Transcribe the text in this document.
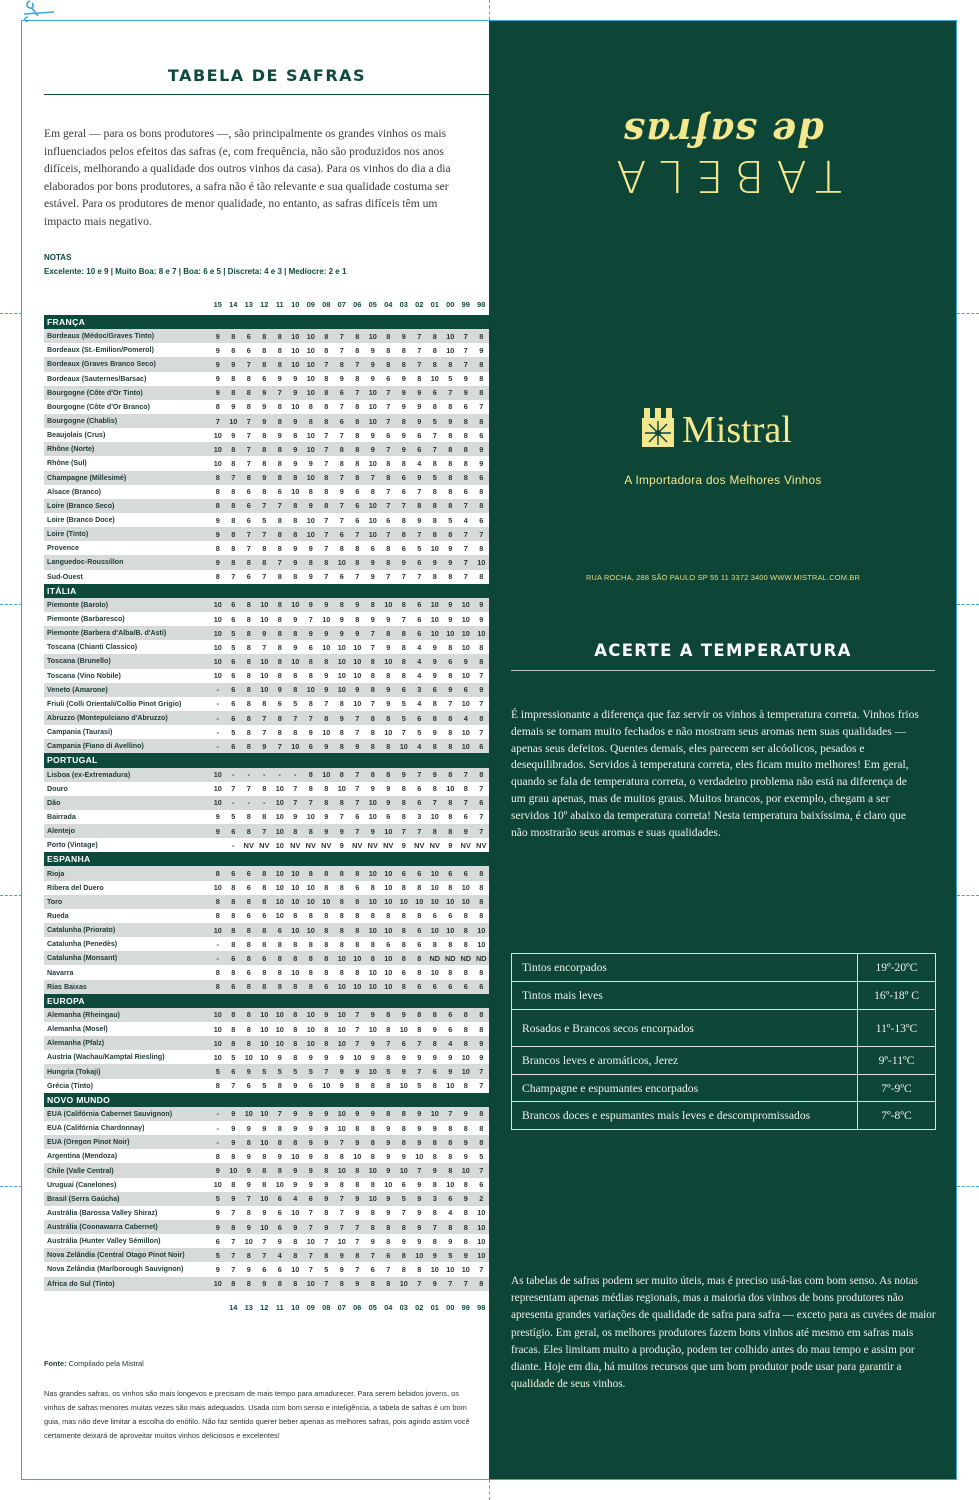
TABELA DE SAFRAS

Em geral — para os bons produtores —, são principalmente os grandes vinhos os mais influenciados pelos efeitos das safras (e, com frequência, não são produzidos nos anos difíceis, melhorando a qualidade dos outros vinhos da casa). Para os vinhos do dia a dia elaborados por bons produtores, a safra não é tão relevante e sua qualidade costuma ser estável. Para os produtores de menor qualidade, no entanto, as safras difíceis têm um impacto mais negativo.

NOTAS
Excelente: 10 e 9 | Muito Boa: 8 e 7 | Boa: 6 e 5 | Discreta: 4 e 3 | Medíocre: 2 e 1
15 14 13 12	11	10 09 08 07 06 05 04 03 02 01 00 99 98
FRANÇA
Bordeaux (Médoc/Graves Tinto)	9	8	6	8	8	10	10	8	7	8	10	8	9	7	8	10	7	8
Bordeaux (St.-Emilion/Pomerol)	9	8	6	8	8	10	10	8	7	8	9	8	8	7	8	10	7	9
Bordeaux (Graves Branco Seco)	9	9	7	8	8	10	10	7	8	7	9	8	8	7	8	8	7	8
Bordeaux (Sauternes/Barsac)	9	8	8	6	9	9	10	8	9	8	9	6	9	8	10	5	9	8
Bourgogne (Côte d'Or Tinto)	9	8	8	9	7	9	10	8	6	7	10	7	9	9	6	7	9	8
Bourgogne (Côte d'Or Branco)	8	9	8	9	8	10	8	8	7	8	10	7	9	9	8	8	6	7
Bourgogne (Chablis)	7	10	7	9	8	9	8	8	6	8	10	7	8	9	5	9	8	8
Beaujolais (Crus)	10	9	7	8	9	8	10	7	7	8	9	6	9	6	7	8	8	6
Rhône (Norte)	10	8	7	8	8	9	10	7	8	8	9	7	9	6	7	8	8	9
Rhône (Sul)	10	8	7	8	8	9	9	7	8	8	10	8	8	4	8	8	8	9
Champagne (Millesimé)	8	7	8	9	8	8	10	8	7	8	7	8	6	9	5	8	8	6
Alsace (Branco)	8	8	6	8	6	10	8	8	9	6	8	7	6	7	8	8	6	8
Loire (Branco Seco)	8	8	6	7	7	8	9	8	7	6	10	7	7	8	8	8	7	8
Loire (Branco Doce)	9	8	6	5	8	8	10	7	7	6	10	6	8	9	8	5	4	6
Loire (Tinto)	9	8	7	7	8	8	10	7	6	7	10	7	8	7	8	8	7	7
Provence	8	8	7	8	8	9	9	7	8	8	6	8	6	5	10	9	7	8
Languedoc-Roussillon	9	8	8	8	7	9	8	8	10	8	9	8	9	6	9	9	7	10
Sud-Ouest	8	7	6	7	8	8	9	7	6	7	9	7	7	7	8	8	7	8
ITÁLIA
Piemonte (Barolo)	10	6	8	10	8	10	9	9	8	9	8	10	8	6	10	9	10	9
Piemonte (Barbaresco)	10	6	8	10	8	9	7	10	9	8	9	9	7	6	10	9	10	9
Piemonte (Barbera d'Alba/B. d'Asti)	10	5	8	9	8	8	9	9	9	9	7	8	8	6	10	10	10	10
Toscana (Chianti Classico)	10	5	8	7	8	9	6	10	10	10	7	9	8	4	9	8	10	8
Toscana (Brunello)	10	6	8	10	8	10	8	8	10	10	8	10	8	4	9	6	9	8
Toscana (Vino Nobile)	10	6	8	10	8	8	8	9	10	10	8	8	8	4	9	8	10	7
Veneto (Amarone)	-	6	8	10	9	8	10	9	10	9	8	9	6	3	6	9	6	9
Friuli (Colli Orientali/Collio Pinot Grigio)	-	6	8	8	6	5	8	7	8	10	7	9	5	4	8	7	10	7
Abruzzo (Montepulciano d'Abruzzo)	-	6	8	7	8	7	7	8	9	7	8	8	5	6	8	8	4	8
Campania (Taurasi)	-	5	8	7	8	8	9	10	8	7	8	10	7	5	9	8	10	7
Campania (Fiano di Avellino)	-	6	8	9	7	10	6	9	8	9	8	8	10	4	8	8	10	6
PORTUGAL
Lisboa (ex-Extremadura)	10	-	-	-	-	-	8	10	8	7	8	8	9	7	9	8	7	8
Douro	10	7	7	8	10	7	8	8	10	7	9	9	8	6	8	10	8	7
Dão	10	-	-	-	10	7	7	8	8	7	10	9	8	6	7	8	7	6
Bairrada	9	5	8	8	10	9	10	9	7	6	10	6	8	3	10	8	6	7
Alentejo	9	6	8	7	10	8	8	9	9	7	9	10	7	7	8	8	9	7
Porto (Vintage)	-	NV NV 10 NV NV NV	9	NV NV NV	9	NV NV	9	NV NV
ESPANHA
Rioja	8	6	6	8	10	10	8	8	8	8	10	10	6	6	10	6	6	8
Ribera del Duero	10	8	6	8	10	10	10	8	8	6	8	10	8	8	10	8	10	8
Toro	8	8	8	8	10	10	10	10	8	8	10	10	10	10	10	10	10	8
Rueda	8	8	6	6	10	8	8	8	8	8	8	8	8	8	6	6	8	8
Catalunha (Priorato)	10	8	8	8	6	10	10	8	8	8	10	10	8	6	10	10	8	10
Catalunha (Penedès)	-	8	8	8	8	8	8	8	8	8	8	6	8	6	8	8	8	10
Catalunha (Monsant)	-	6	8	6	8	8	8	8	10	10	8	10	8	8	ND ND ND ND
Navarra	8	8	6	8	8	10	8	8	8	8	10	10	6	8	10	8	8	8
Rías Baixas	8	6	8	8	8	8	8	6	10	10	10	10	8	6	6	6	6	6
EUROPA
Alemanha (Rheingau)	10	8	8	10	10	8	10	9	10	7	9	8	9	8	8	6	8	8
Alemanha (Mosel)	10	8	8	10	10	8	10	8	10	7	10	8	10	8	9	6	8	8
Alemanha (Pfalz)	10	8	8	10	10	8	10	8	10	7	9	7	6	7	8	4	8	9
Áustria (Wachau/Kamptal Riesling)	10	5	10	10	9	8	9	9	9	10	9	8	9	9	9	9	10	9
Hungria (Tokaji)	5	6	9	5	5	5	5	7	9	9	10	5	9	7	6	9	10	7
Grécia (Tinto)	8	7	6	5	8	9	6	10	9	8	8	8	10	5	8	10	8	7
NOVO MUNDO
EUA (Califórnia Cabernet Sauvignon)	-	9	10	10	7	9	9	9	10	9	9	8	8	9	10	7	9	8
EUA (Califórnia Chardonnay)	-	9	9	9	8	9	9	9	10	8	8	9	8	9	9	8	8	8
EUA (Oregon Pinot Noir)	-	9	8	10	8	8	9	9	7	9	8	9	8	9	8	8	9	8
Argentina (Mendoza)	8	8	9	8	9	10	9	8	8	10	8	9	9	10	8	8	9	5
Chile (Valle Central)	9	10	9	8	8	9	9	8	10	8	10	9	10	7	9	8	10	7
Uruguai (Canelones)	10	8	9	8	10	9	9	9	8	8	8	10	6	9	8	10	8	6
Brasil (Serra Gaúcha)	5	9	7	10	6	4	6	9	7	9	10	9	5	9	3	6	9	2
Austrália (Barossa Valley Shiraz)	9	7	8	9	6	10	7	8	7	9	8	9	7	9	8	4	8	10
Austrália (Coonawarra Cabernet)	9	8	9	10	6	9	7	9	7	7	8	8	8	9	7	8	8	10
Austrália (Hunter Valley Sémillon)	6	7	10	7	9	8	10	7	10	7	9	8	9	9	8	9	8	10
Nova Zelândia (Central Otago Pinot Noir)	5	7	8	7	4	8	7	8	9	8	7	6	8	10	9	5	9	10
Nova Zelândia (Marlborough Sauvignon)	9	7	9	6	6	10	7	5	9	7	6	7	8	8	10	10	10	7
África do Sul (Tinto)	10	8	8	9	8	8	10	7	8	9	8	8	10	7	9	7	7	8
14 13 12	11	10 09 08 07 06 05 04 03 02 01 00 99 98
Fonte: Compilado pela Mistral

Nas grandes safras, os vinhos são mais longevos e precisam de mais tempo para amadurecer. Para serem bebidos jovens, os vinhos de safras menores muitas vezes são mais adequados. Usada com bom senso e inteligência, a tabela de safras é um bom guia, mas não deve limitar a escolha do enófilo. Não faz sentido querer beber apenas as melhores safras, pois agindo assim você certamente deixará de aproveitar muitos vinhos deliciosos e excelentes!

TABELA
de safras
Mistral
A Importadora dos Melhores Vinhos
RUA ROCHA, 288 SÃO PAULO SP 55 11 3372 3400 WWW.MISTRAL.COM.BR
ACERTE A TEMPERATURA

É impressionante a diferença que faz servir os vinhos à temperatura correta. Vinhos frios demais se tornam muito fechados e não mostram seus aromas nem suas qualidades — apenas seus defeitos. Quentes demais, eles parecem ser alcóolicos, pesados e desequilibrados. Servidos à temperatura correta, eles ficam muito melhores! Em geral, quando se fala de temperatura correta, o verdadeiro problema não está na diferença de um grau apenas, mas de muitos graus. Muitos brancos, por exemplo, chegam a ser servidos 10º abaixo da temperatura correta! Nesta temperatura baixíssima, é claro que não mostrarão seus aromas e suas qualidades.

Tintos encorpados	19º-20ºC
Tintos mais leves	16º-18º C
Rosados e Brancos secos encorpados	11º-13ºC
Brancos leves e aromáticos, Jerez	9º-11ºC
Champagne e espumantes encorpados	7º-9ºC
Brancos doces e espumantes mais leves e descompromissados	7º-8ºC

As tabelas de safras podem ser muito úteis, mas é preciso usá-las com bom senso. As notas representam apenas médias regionais, mas a maioria dos vinhos de bons produtores não apresenta grandes variações de qualidade de safra para safra — exceto para as cuvées de maior prestígio. Em geral, os melhores produtores fazem bons vinhos até mesmo em safras mais fracas. Eles limitam muito a produção, podem ter colhido antes do mau tempo e assim por diante. Hoje em dia, há muitos recursos que um bom produtor pode usar para garantir a qualidade de seus vinhos.
